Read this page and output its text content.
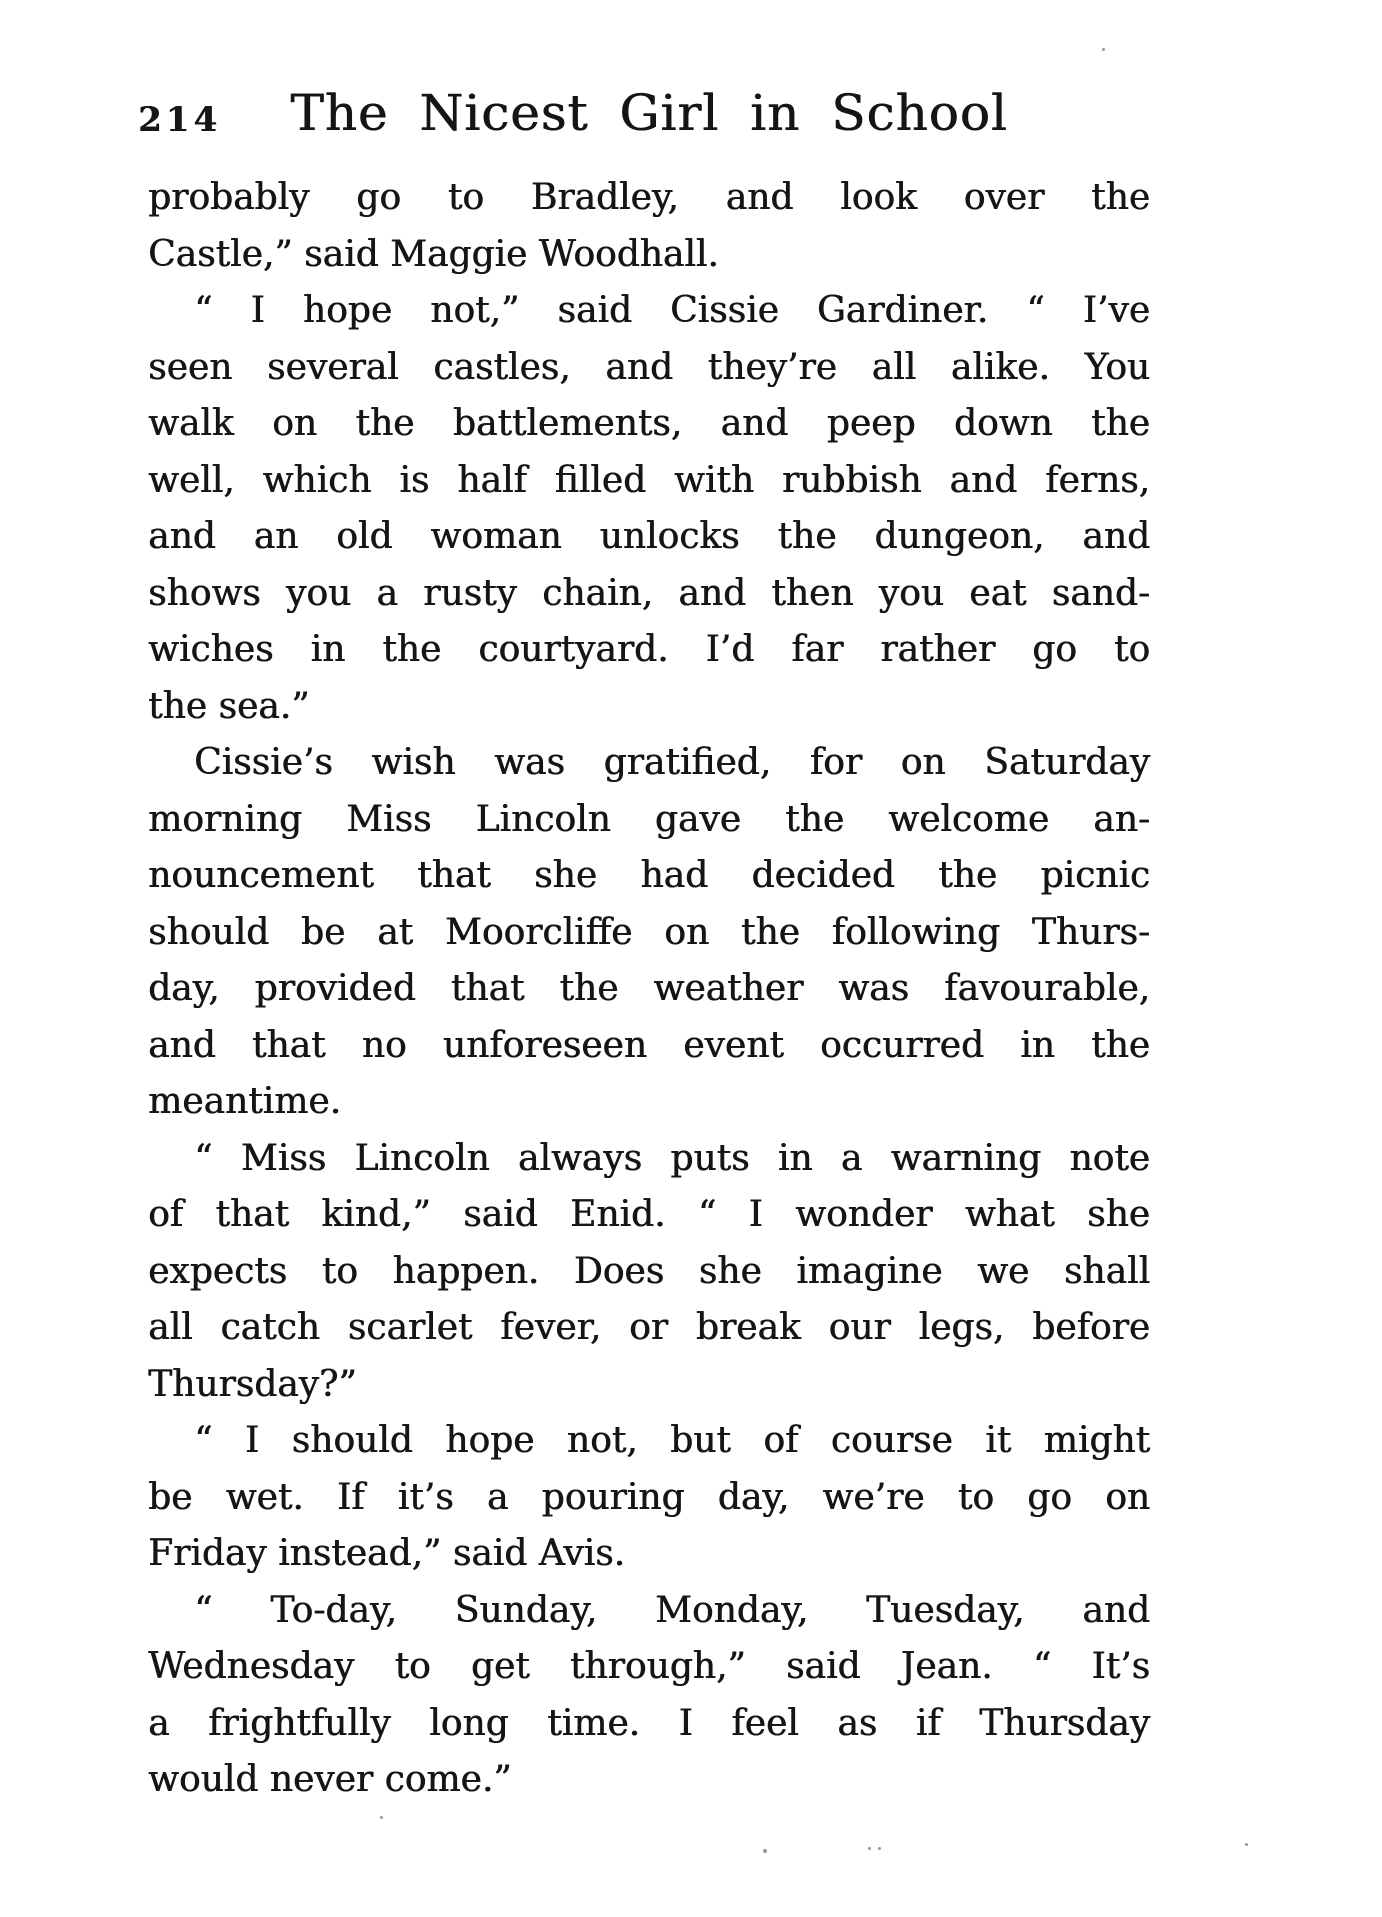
214	The Nicest Girl in School
probably go to Bradley, and look over the
Castle,” said Maggie Woodhall.
“ I hope not,” said Cissie Gardiner. “ I’ve
seen several castles, and they’re all alike. You
walk on the battlements, and peep down the
well, which is half filled with rubbish and ferns,
and an old woman unlocks the dungeon, and
shows you a rusty chain, and then you eat sand-
wiches in the courtyard. I’d far rather go to
the sea.”
Cissie’s wish was gratified, for on Saturday
morning Miss Lincoln gave the welcome an-
nouncement that she had decided the picnic
should be at Moorcliffe on the following Thurs-
day, provided that the weather was favourable,
and that no unforeseen event occurred in the
meantime.
“ Miss Lincoln always puts in a warning note
of that kind,” said Enid. “ I wonder what she
expects to happen. Does she imagine we shall
all catch scarlet fever, or break our legs, before
Thursday?”
“ I should hope not, but of course it might
be wet. If it’s a pouring day, we’re to go on
Friday instead,” said Avis.
“ To-day, Sunday, Monday, Tuesday, and
Wednesday to get through,” said Jean. “ It’s
a frightfully long time. I feel as if Thursday
would never come.”
